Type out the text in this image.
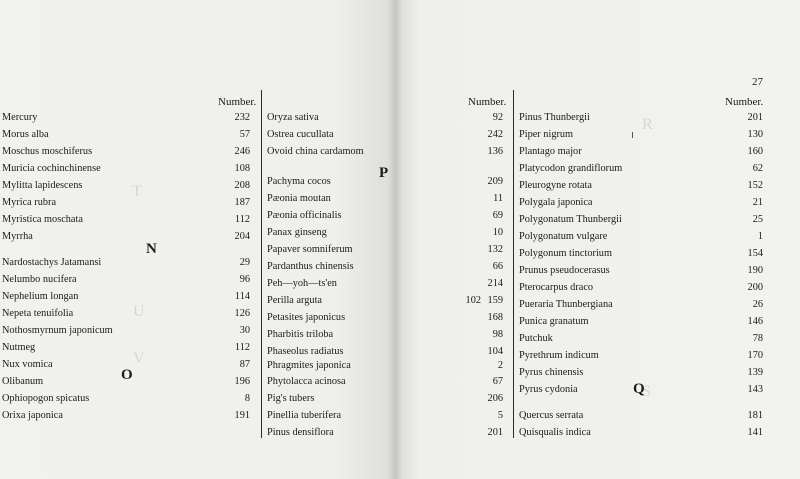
T
U
V
R
S
27
Number.	Number.	Number.
N
O
P
Q
Mercury	232
Morus alba	57
Moschus moschiferus	246
Muricia cochinchinense	108
Mylitta lapidescens	208
Myrica rubra	187
Myristica moschata	112
Myrrha	204
Nardostachys Jatamansi	29
Nelumbo nucifera	96
Nephelium longan	114
Nepeta tenuifolia	126
Nothosmyrnum japonicum	30
Nutmeg	112
Nux vomica	87
Olibanum	196
Ophiopogon spicatus	8
Orixa japonica	191
Oryza sativa	92
Ostrea cucullata	242
Ovoid china cardamom	136
Pachyma cocos	209
Pæonia moutan	11
Pæonia officinalis	69
Panax ginseng	10
Papaver somniferum	132
Pardanthus chinensis	66
Peh—yoh—ts'en	214
Perilla arguta	102 159
Petasites japonicus	168
Pharbitis triloba	98
Phaseolus radiatus	104
Phragmites japonica	2
Phytolacca acinosa	67
Pig's tubers	206
Pinellia tuberifera	5
Pinus densiflora	201
Pinus Thunbergii	201
Piper nigrum	130
Plantago major	160
Platycodon grandiflorum	62
Pleurogyne rotata	152
Polygala japonica	21
Polygonatum Thunbergii	25
Polygonatum vulgare	1
Polygonum tinctorium	154
Prunus pseudocerasus	190
Pterocarpus draco	200
Pueraria Thunbergiana	26
Punica granatum	146
Putchuk	78
Pyrethrum indicum	170
Pyrus chinensis	139
Pyrus cydonia	143
Quercus serrata	181
Quisqualis indica	141
